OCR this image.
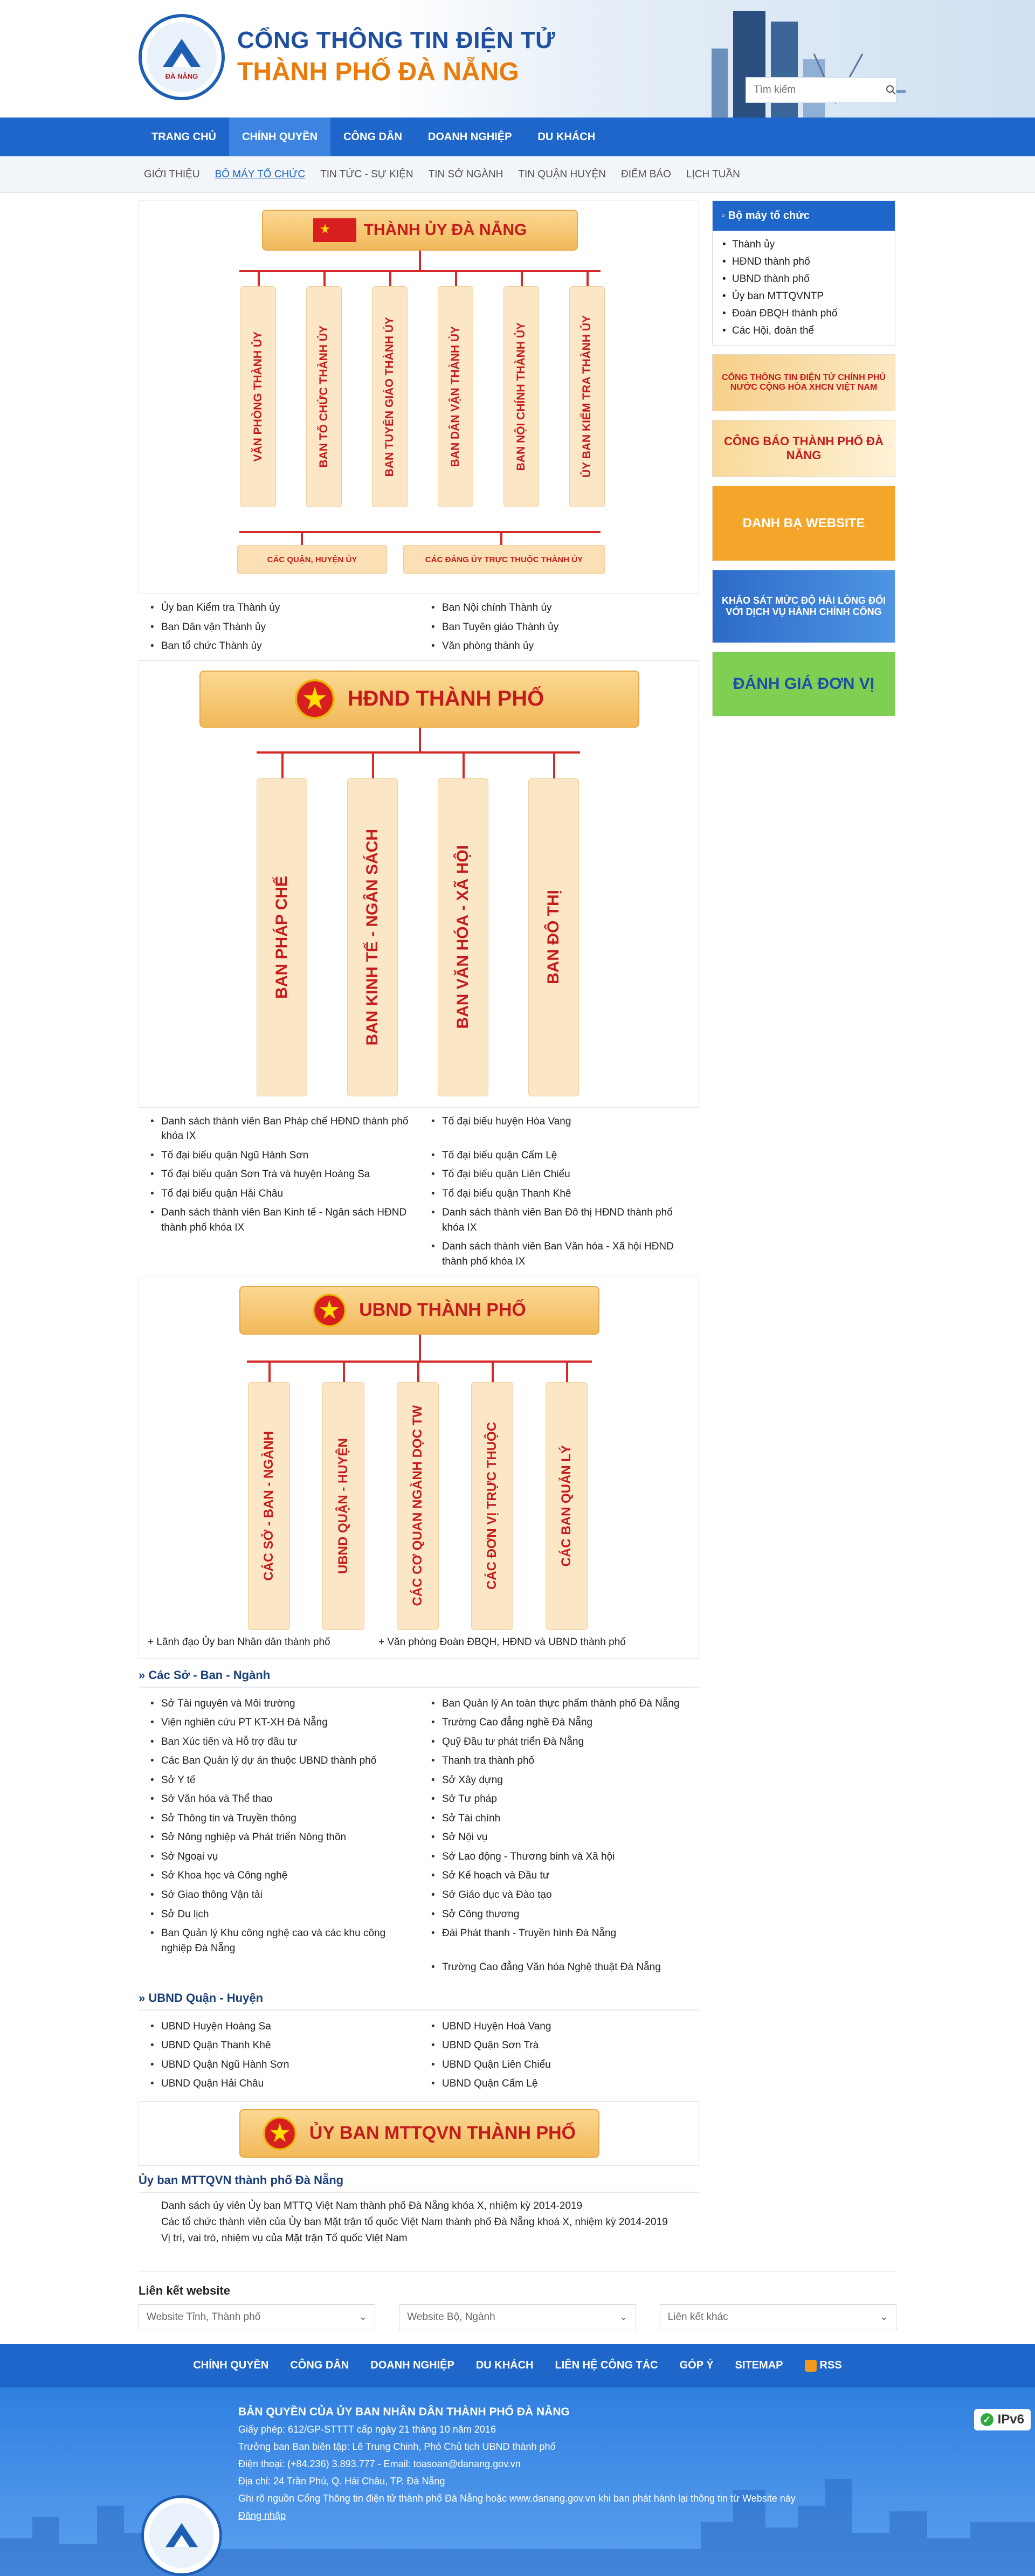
ĐÀ NẴNG
CỔNG THÔNG TIN ĐIỆN TỬ
THÀNH PHỐ ĐÀ NẴNG
Tìm kiếm
TRANG CHỦ	CHÍNH QUYỀN	CÔNG DÂN	DOANH NGHIỆP	DU KHÁCH
GIỚI THIỆU	BỘ MÁY TỔ CHỨC	TIN TỨC - SỰ KIỆN	TIN SỞ NGÀNH	TIN QUẬN HUYỆN	ĐIỂM BÁO	LỊCH TUẦN
THÀNH ỦY ĐÀ NẴNG
VĂN PHÒNG THÀNH ỦY	BAN TỔ CHỨC THÀNH ỦY	BAN TUYÊN GIÁO THÀNH ỦY	BAN DÂN VẬN THÀNH ỦY	BAN NỘI CHÍNH THÀNH ỦY	ỦY BAN KIỂM TRA THÀNH ỦY
CÁC QUẬN, HUYỆN ỦY	CÁC ĐẢNG ỦY TRỰC THUỘC THÀNH ỦY
• Ủy ban Kiểm tra Thành ủy	• Ban Nội chính Thành ủy
• Ban Dân vận Thành ủy	• Ban Tuyên giáo Thành ủy
• Ban tổ chức Thành ủy	• Văn phòng thành ủy
HĐND THÀNH PHỐ
BAN PHÁP CHẾ	BAN KINH TẾ - NGÂN SÁCH	BAN VĂN HÓA - XÃ HỘI	BAN ĐÔ THỊ
• Danh sách thành viên Ban Pháp chế HĐND thành phố khóa IX
• Tổ đại biểu huyện Hòa Vang
• Tổ đại biểu quận Ngũ Hành Sơn	• Tổ đại biểu quận Cẩm Lệ
• Tổ đại biểu quận Sơn Trà và huyện Hoàng Sa	• Tổ đại biểu quận Liên Chiểu
• Tổ đại biểu quận Hải Châu	• Tổ đại biểu quận Thanh Khê
• Danh sách thành viên Ban Kinh tế - Ngân sách HĐND thành phố khóa IX
• Danh sách thành viên Ban Đô thị HĐND thành phố khóa IX
• Danh sách thành viên Ban Văn hóa - Xã hội HĐND thành phố khóa IX
UBND THÀNH PHỐ
CÁC SỞ - BAN - NGÀNH	UBND QUẬN - HUYỆN	CÁC CƠ QUAN NGÀNH DỌC TW	CÁC ĐƠN VỊ TRỰC THUỘC	CÁC BAN QUẢN LÝ
+ Lãnh đạo Ủy ban Nhân dân thành phố	+ Văn phòng Đoàn ĐBQH, HĐND và UBND thành phố
» Các Sở - Ban - Ngành
• Sở Tài nguyên và Môi trường	• Ban Quản lý An toàn thực phẩm thành phố Đà Nẵng
• Viện nghiên cứu PT KT-XH Đà Nẵng	• Trường Cao đẳng nghề Đà Nẵng
• Ban Xúc tiến và Hỗ trợ đầu tư	• Quỹ Đầu tư phát triển Đà Nẵng
• Các Ban Quản lý dự án thuộc UBND thành phố	• Thanh tra thành phố
• Sở Y tế	• Sở Xây dựng
• Sở Văn hóa và Thể thao	• Sở Tư pháp
• Sở Thông tin và Truyền thông	• Sở Tài chính
• Sở Nông nghiệp và Phát triển Nông thôn	• Sở Nội vụ
• Sở Ngoại vụ	• Sở Lao động - Thương binh và Xã hội
• Sở Khoa học và Công nghệ	• Sở Kế hoạch và Đầu tư
• Sở Giao thông Vận tải	• Sở Giáo dục và Đào tạo
• Sở Du lịch	• Sở Công thương
• Ban Quản lý Khu công nghệ cao và các khu công nghiệp Đà Nẵng
• Đài Phát thanh - Truyền hình Đà Nẵng
• Trường Cao đẳng Văn hóa Nghệ thuật Đà Nẵng
» UBND Quận - Huyện
• UBND Huyện Hoàng Sa	• UBND Huyện Hoà Vang
• UBND Quận Thanh Khê	• UBND Quận Sơn Trà
• UBND Quận Ngũ Hành Sơn	• UBND Quận Liên Chiểu
• UBND Quận Hải Châu	• UBND Quận Cẩm Lệ
ỦY BAN MTTQVN THÀNH PHỐ
Ủy ban MTTQVN thành phố Đà Nẵng
Danh sách ủy viên Ủy ban MTTQ Việt Nam thành phố Đà Nẵng khóa X, nhiệm kỳ 2014-2019
Các tổ chức thành viên của Ủy ban Mặt trận tổ quốc Việt Nam thành phố Đà Nẵng khoá X, nhiệm kỳ 2014-2019
Vị trí, vai trò, nhiệm vụ của Mặt trận Tổ quốc Việt Nam
◦ Bộ máy tổ chức
• Thành ủy
• HĐND thành phố
• UBND thành phố
• Ủy ban MTTQVNTP
• Đoàn ĐBQH thành phố
• Các Hội, đoàn thể
CỔNG THÔNG TIN ĐIỆN TỬ CHÍNH PHỦ NƯỚC CỘNG HÒA XHCN VIỆT NAM
CÔNG BÁO THÀNH PHỐ ĐÀ NẴNG
DANH BẠ WEBSITE
KHẢO SÁT MỨC ĐỘ HÀI LÒNG ĐỐI VỚI DỊCH VỤ HÀNH CHÍNH CÔNG
ĐÁNH GIÁ ĐƠN VỊ
Liên kết website
Website Tỉnh, Thành phố	⌄	Website Bộ, Ngành	⌄	Liên kết khác	⌄
CHÍNH QUYỀN	CÔNG DÂN	DOANH NGHIỆP	DU KHÁCH	LIÊN HỆ CÔNG TÁC	GÓP Ý	SITEMAP	RSS
BẢN QUYỀN CỦA ỦY BAN NHÂN DÂN THÀNH PHỐ ĐÀ NẴNG
Giấy phép: 612/GP-STTTT cấp ngày 21 tháng 10 năm 2016
Trưởng ban Ban biên tập: Lê Trung Chinh, Phó Chủ tịch UBND thành phố
Điện thoại: (+84.236) 3.893.777 - Email: toasoan@danang.gov.vn
Địa chỉ: 24 Trần Phú, Q. Hải Châu, TP. Đà Nẵng
Ghi rõ nguồn Cổng Thông tin điện tử thành phố Đà Nẵng hoặc www.danang.gov.vn khi ban phát hành lại thông tin từ Website này
Đăng nhập
✓ IPv6
